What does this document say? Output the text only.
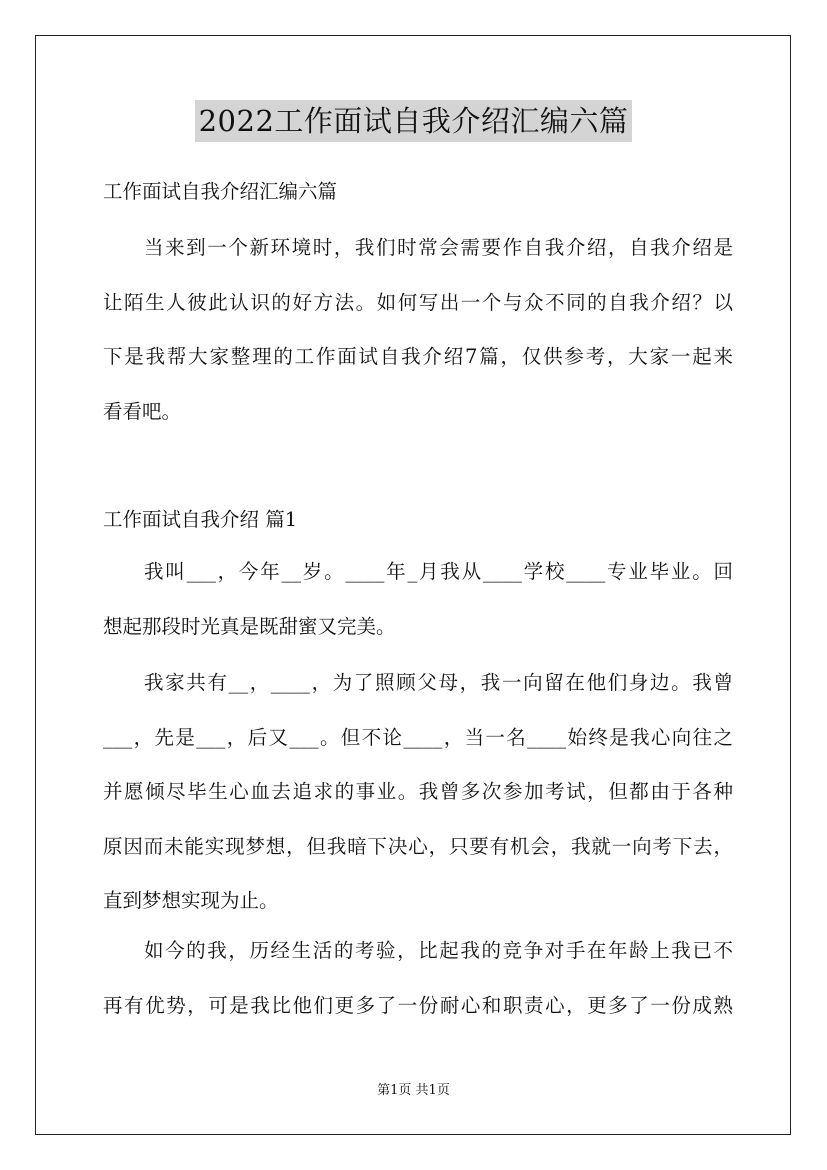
2022工作面试自我介绍汇编六篇
工作面试自我介绍汇编六篇
当来到一个新环境时，我们时常会需要作自我介绍，自我介绍是
让陌生人彼此认识的好方法。如何写出一个与众不同的自我介绍？以
下是我帮大家整理的工作面试自我介绍7篇，仅供参考，大家一起来
看看吧。
工作面试自我介绍 篇1
我叫___，今年__岁。____年_月我从____学校____专业毕业。回
想起那段时光真是既甜蜜又完美。
我家共有__，____，为了照顾父母，我一向留在他们身边。我曾
___，先是___，后又___。但不论____，当一名____始终是我心向往之
并愿倾尽毕生心血去追求的事业。我曾多次参加考试，但都由于各种
原因而未能实现梦想，但我暗下决心，只要有机会，我就一向考下去，
直到梦想实现为止。
如今的我，历经生活的考验，比起我的竞争对手在年龄上我已不
再有优势，可是我比他们更多了一份耐心和职责心，更多了一份成熟
第1页 共1页
